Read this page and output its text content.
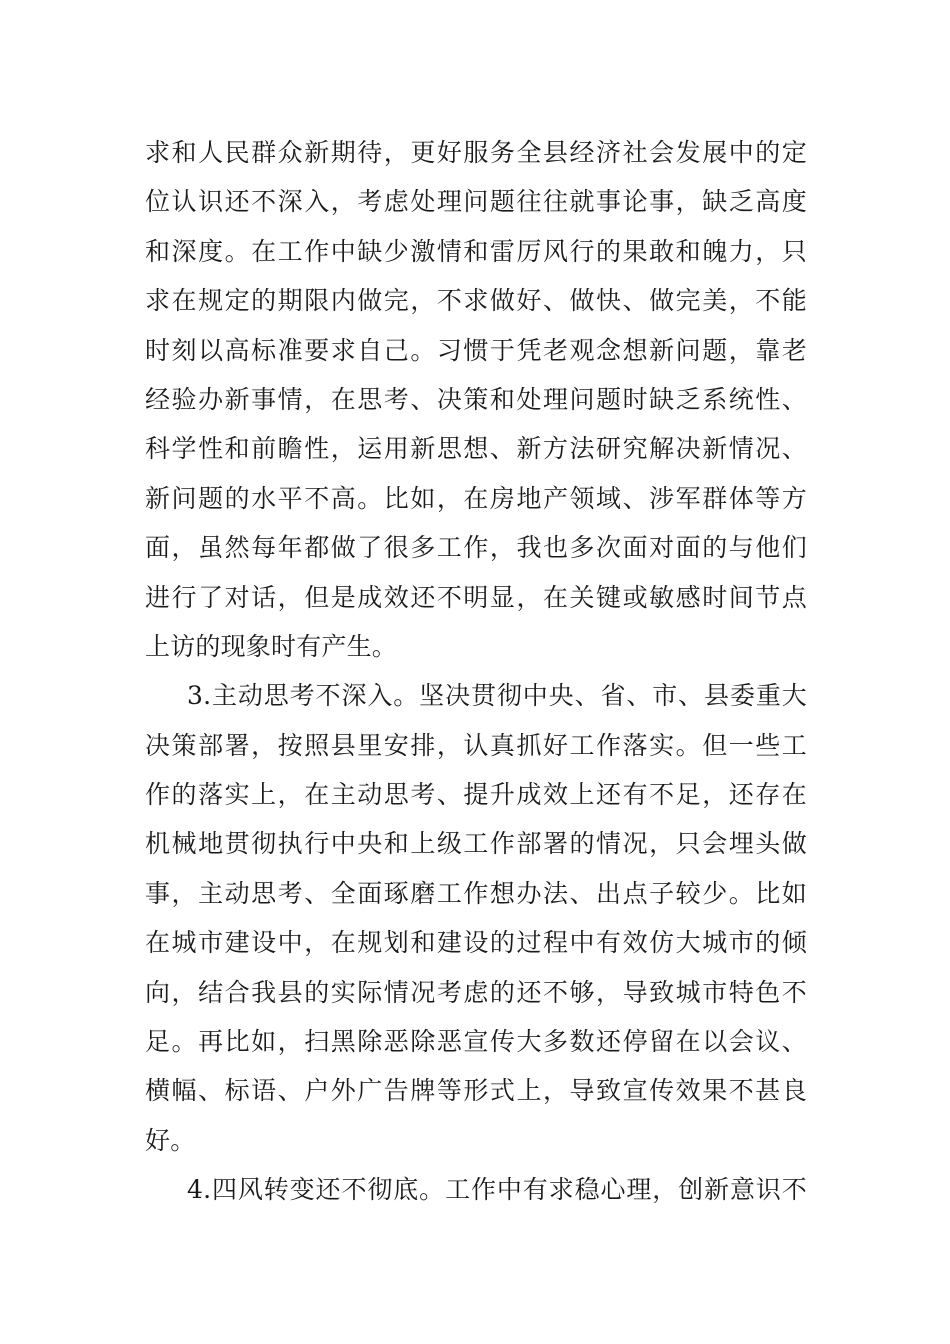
求和人民群众新期待，更好服务全县经济社会发展中的定
位认识还不深入，考虑处理问题往往就事论事，缺乏高度
和深度。在工作中缺少激情和雷厉风行的果敢和魄力，只
求在规定的期限内做完，不求做好、做快、做完美，不能
时刻以高标准要求自己。习惯于凭老观念想新问题，靠老
经验办新事情，在思考、决策和处理问题时缺乏系统性、
科学性和前瞻性，运用新思想、新方法研究解决新情况、
新问题的水平不高。比如，在房地产领域、涉军群体等方
面，虽然每年都做了很多工作，我也多次面对面的与他们
进行了对话，但是成效还不明显，在关键或敏感时间节点
上访的现象时有产生。
3.主动思考不深入。坚决贯彻中央、省、市、县委重大
决策部署，按照县里安排，认真抓好工作落实。但一些工
作的落实上，在主动思考、提升成效上还有不足，还存在
机械地贯彻执行中央和上级工作部署的情况，只会埋头做
事，主动思考、全面琢磨工作想办法、出点子较少。比如
在城市建设中，在规划和建设的过程中有效仿大城市的倾
向，结合我县的实际情况考虑的还不够，导致城市特色不
足。再比如，扫黑除恶除恶宣传大多数还停留在以会议、
横幅、标语、户外广告牌等形式上，导致宣传效果不甚良
好。
4.四风转变还不彻底。工作中有求稳心理，创新意识不
